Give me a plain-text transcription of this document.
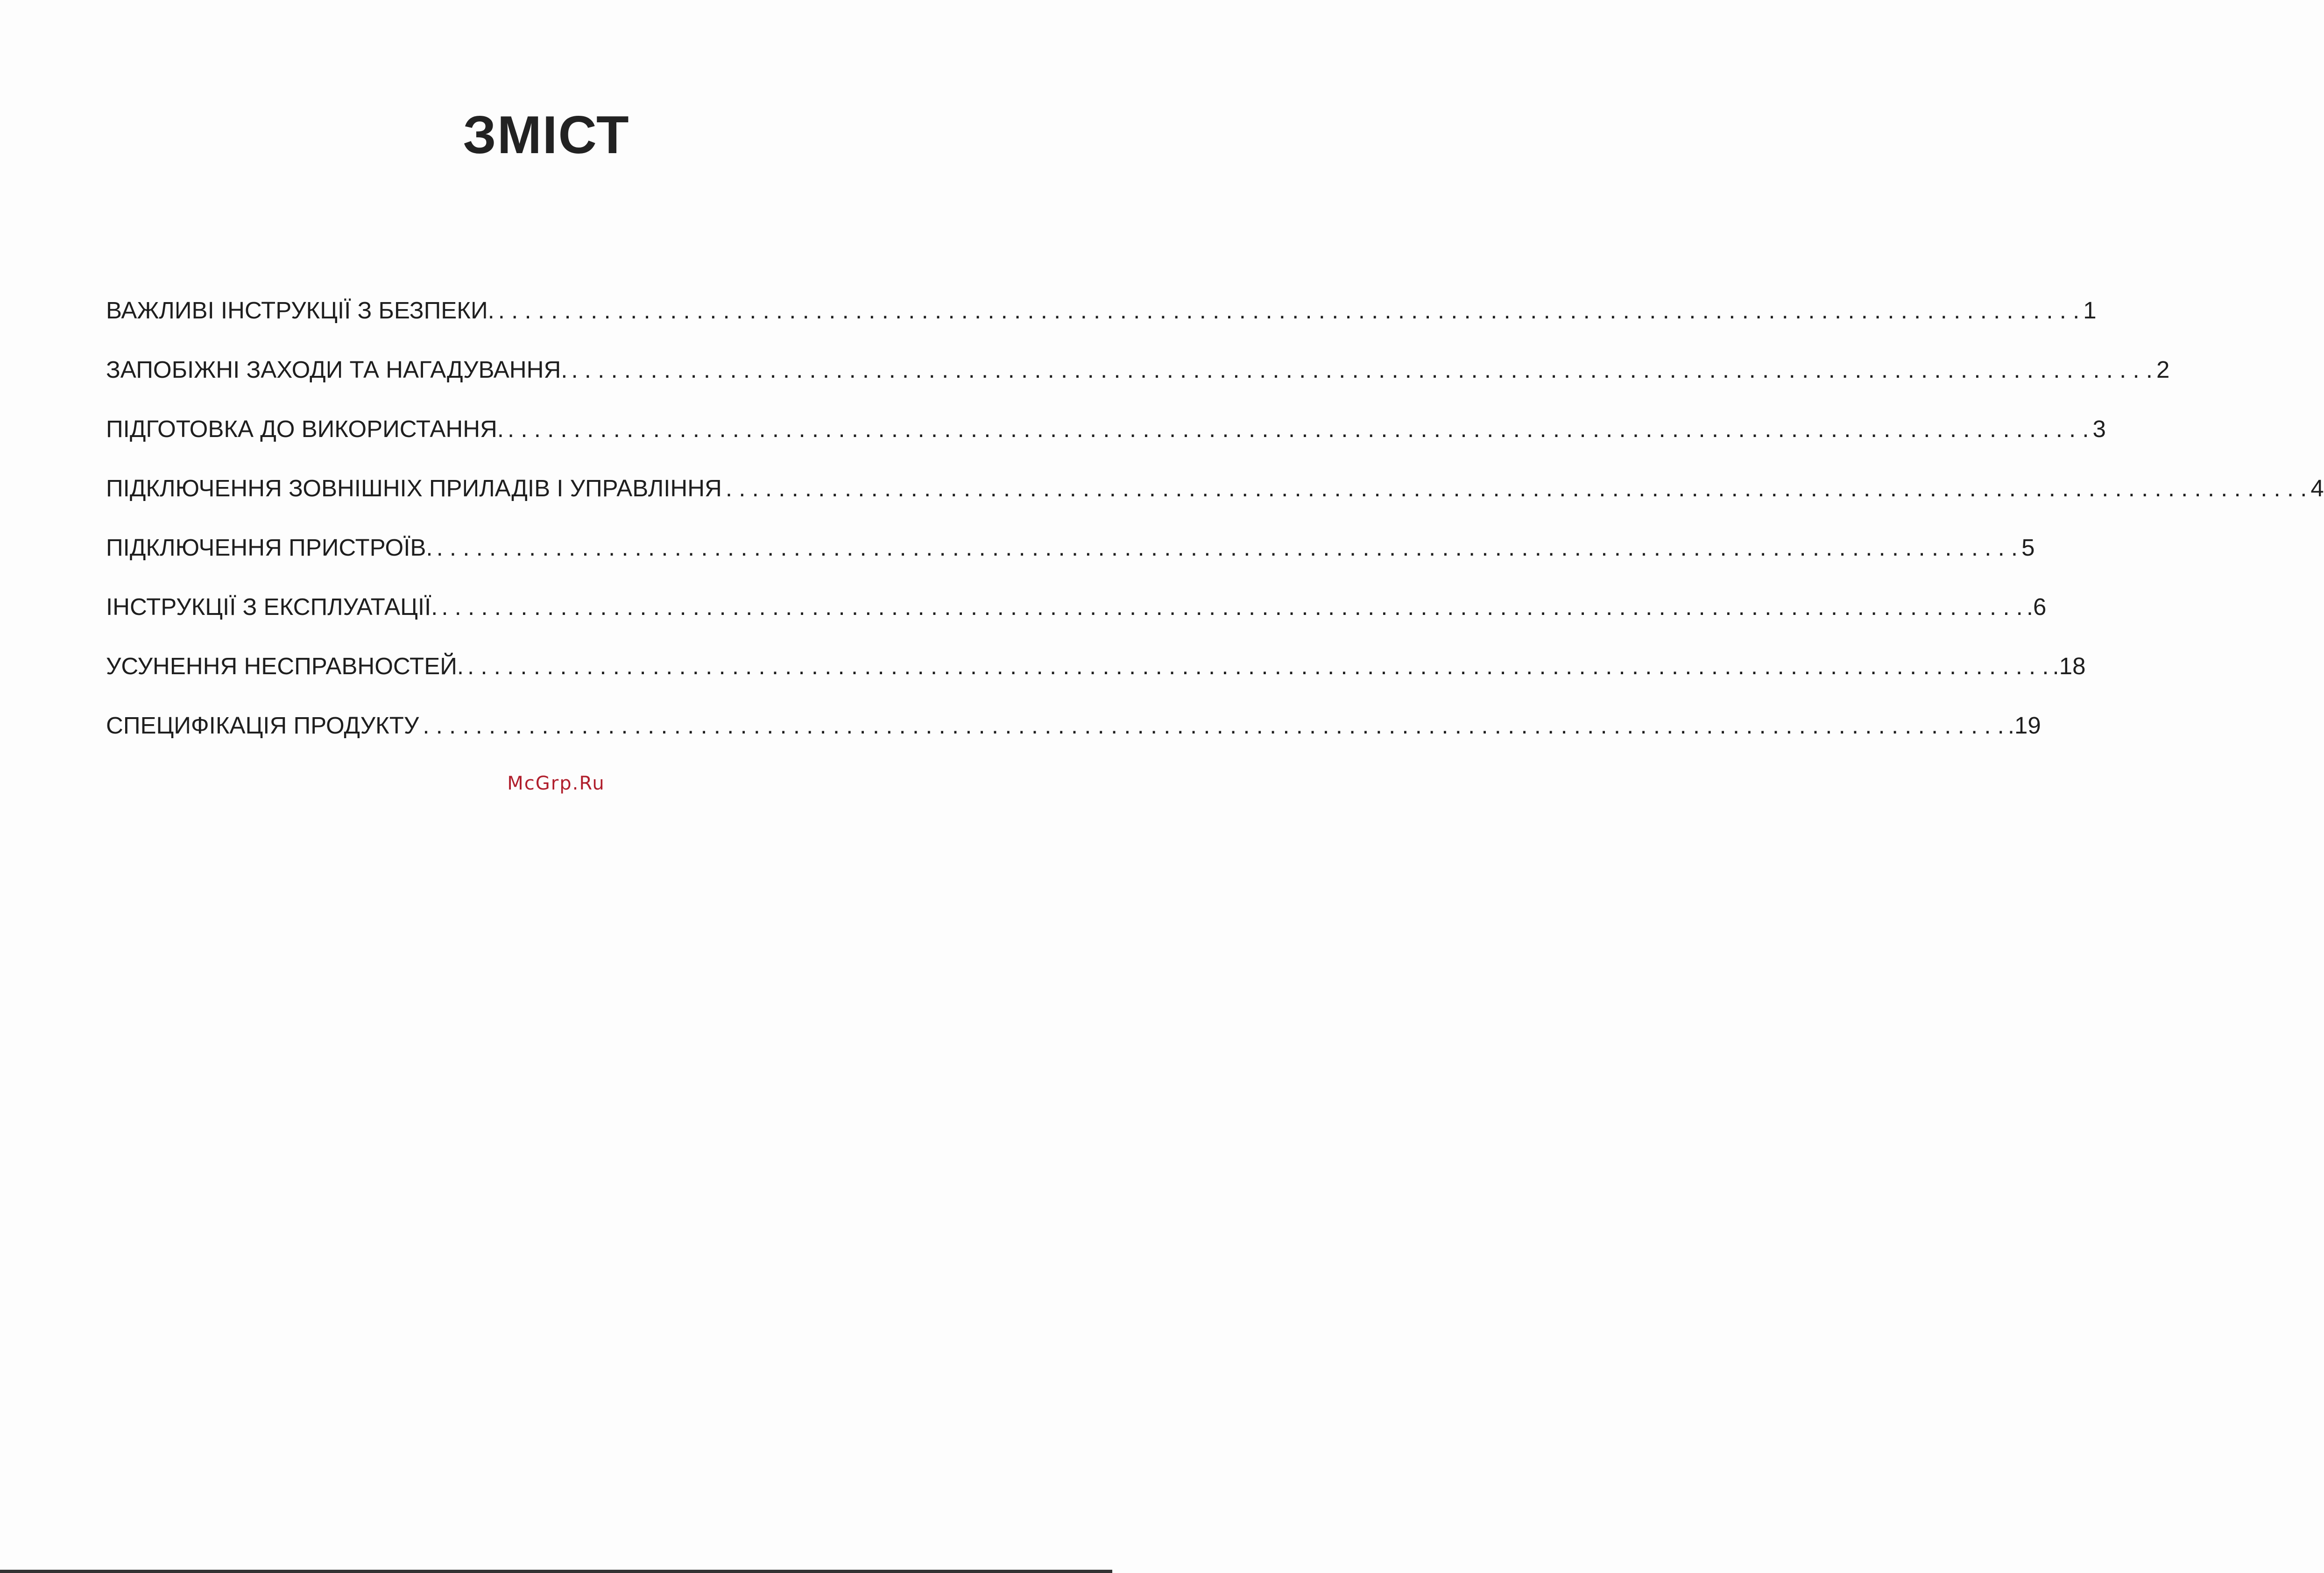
ЗМІСТ
ВАЖЛИВІ ІНСТРУКЦІЇ З БЕЗПЕКИ. . . . . . . . . . . . . . . . . . . . . . . . . . . . . . . . . . . . . . . . . . . . . . . . . . . . . . . . . . . . . . . . . . . . . . . . . . . . . . . . . . . . . . . . . . . . . . . . . . . . . . . . . . . . . . . . . . . . . . . . . 1
ЗАПОБІЖНІ ЗАХОДИ ТА НАГАДУВАННЯ. . . . . . . . . . . . . . . . . . . . . . . . . . . . . . . . . . . . . . . . . . . . . . . . . . . . . . . . . . . . . . . . . . . . . . . . . . . . . . . . . . . . . . . . . . . . . . . . . . . . . . . . . . . . . . . . . . . . . . . . . 2
ПІДГОТОВКА ДО ВИКОРИСТАННЯ. . . . . . . . . . . . . . . . . . . . . . . . . . . . . . . . . . . . . . . . . . . . . . . . . . . . . . . . . . . . . . . . . . . . . . . . . . . . . . . . . . . . . . . . . . . . . . . . . . . . . . . . . . . . . . . . . . . . . . . . . 3
ПІДКЛЮЧЕННЯ ЗОВНІШНІХ ПРИЛАДІВ І УПРАВЛІННЯ . . . . . . . . . . . . . . . . . . . . . . . . . . . . . . . . . . . . . . . . . . . . . . . . . . . . . . . . . . . . . . . . . . . . . . . . . . . . . . . . . . . . . . . . . . . . . . . . . . . . . . . . . . . . . . . . . . . . . . . . 4
ПІДКЛЮЧЕННЯ ПРИСТРОЇВ. . . . . . . . . . . . . . . . . . . . . . . . . . . . . . . . . . . . . . . . . . . . . . . . . . . . . . . . . . . . . . . . . . . . . . . . . . . . . . . . . . . . . . . . . . . . . . . . . . . . . . . . . . . . . . . . . . . . . . . . . 5
ІНСТРУКЦІЇ З ЕКСПЛУАТАЦІЇ. . . . . . . . . . . . . . . . . . . . . . . . . . . . . . . . . . . . . . . . . . . . . . . . . . . . . . . . . . . . . . . . . . . . . . . . . . . . . . . . . . . . . . . . . . . . . . . . . . . . . . . . . . . . . . . . . . . . . . . . . .6
УСУНЕННЯ НЕСПРАВНОСТЕЙ. . . . . . . . . . . . . . . . . . . . . . . . . . . . . . . . . . . . . . . . . . . . . . . . . . . . . . . . . . . . . . . . . . . . . . . . . . . . . . . . . . . . . . . . . . . . . . . . . . . . . . . . . . . . . . . . . . . . . . . . . .18
СПЕЦИФІКАЦІЯ ПРОДУКТУ . . . . . . . . . . . . . . . . . . . . . . . . . . . . . . . . . . . . . . . . . . . . . . . . . . . . . . . . . . . . . . . . . . . . . . . . . . . . . . . . . . . . . . . . . . . . . . . . . . . . . . . . . . . . . . . . . . . . . . . . .19
McGrp.Ru
